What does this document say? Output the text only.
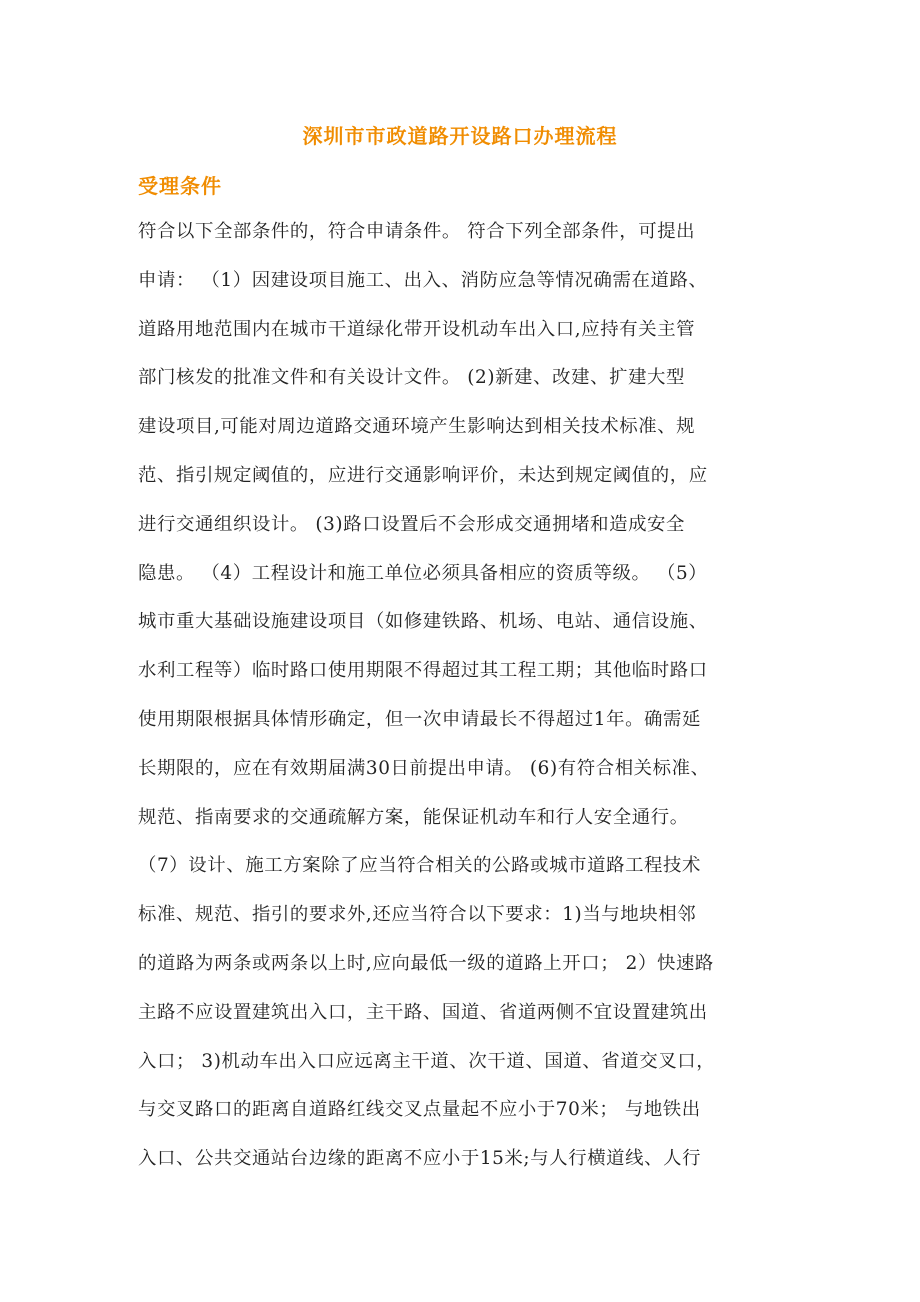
深圳市市政道路开设路口办理流程
受理条件
符合以下全部条件的，符合申请条件。 符合下列全部条件，可提出
申请： （1）因建设项目施工、出入、消防应急等情况确需在道路、
道路用地范围内在城市干道绿化带开设机动车出入口,应持有关主管
部门核发的批准文件和有关设计文件。 (2)新建、改建、扩建大型
建设项目,可能对周边道路交通环境产生影响达到相关技术标准、规
范、指引规定阈值的，应进行交通影响评价，未达到规定阈值的，应
进行交通组织设计。 (3)路口设置后不会形成交通拥堵和造成安全
隐患。 （4）工程设计和施工单位必须具备相应的资质等级。 （5）
城市重大基础设施建设项目（如修建铁路、机场、电站、通信设施、
水利工程等）临时路口使用期限不得超过其工程工期；其他临时路口
使用期限根据具体情形确定，但一次申请最长不得超过1年。确需延
长期限的，应在有效期届满30日前提出申请。 (6)有符合相关标准、
规范、指南要求的交通疏解方案，能保证机动车和行人安全通行。
（7）设计、施工方案除了应当符合相关的公路或城市道路工程技术
标准、规范、指引的要求外,还应当符合以下要求：1)当与地块相邻
的道路为两条或两条以上时,应向最低一级的道路上开口； 2）快速路
主路不应设置建筑出入口，主干路、国道、省道两侧不宜设置建筑出
入口； 3)机动车出入口应远离主干道、次干道、国道、省道交叉口，
与交叉路口的距离自道路红线交叉点量起不应小于70米； 与地铁出
入口、公共交通站台边缘的距离不应小于15米;与人行横道线、人行
